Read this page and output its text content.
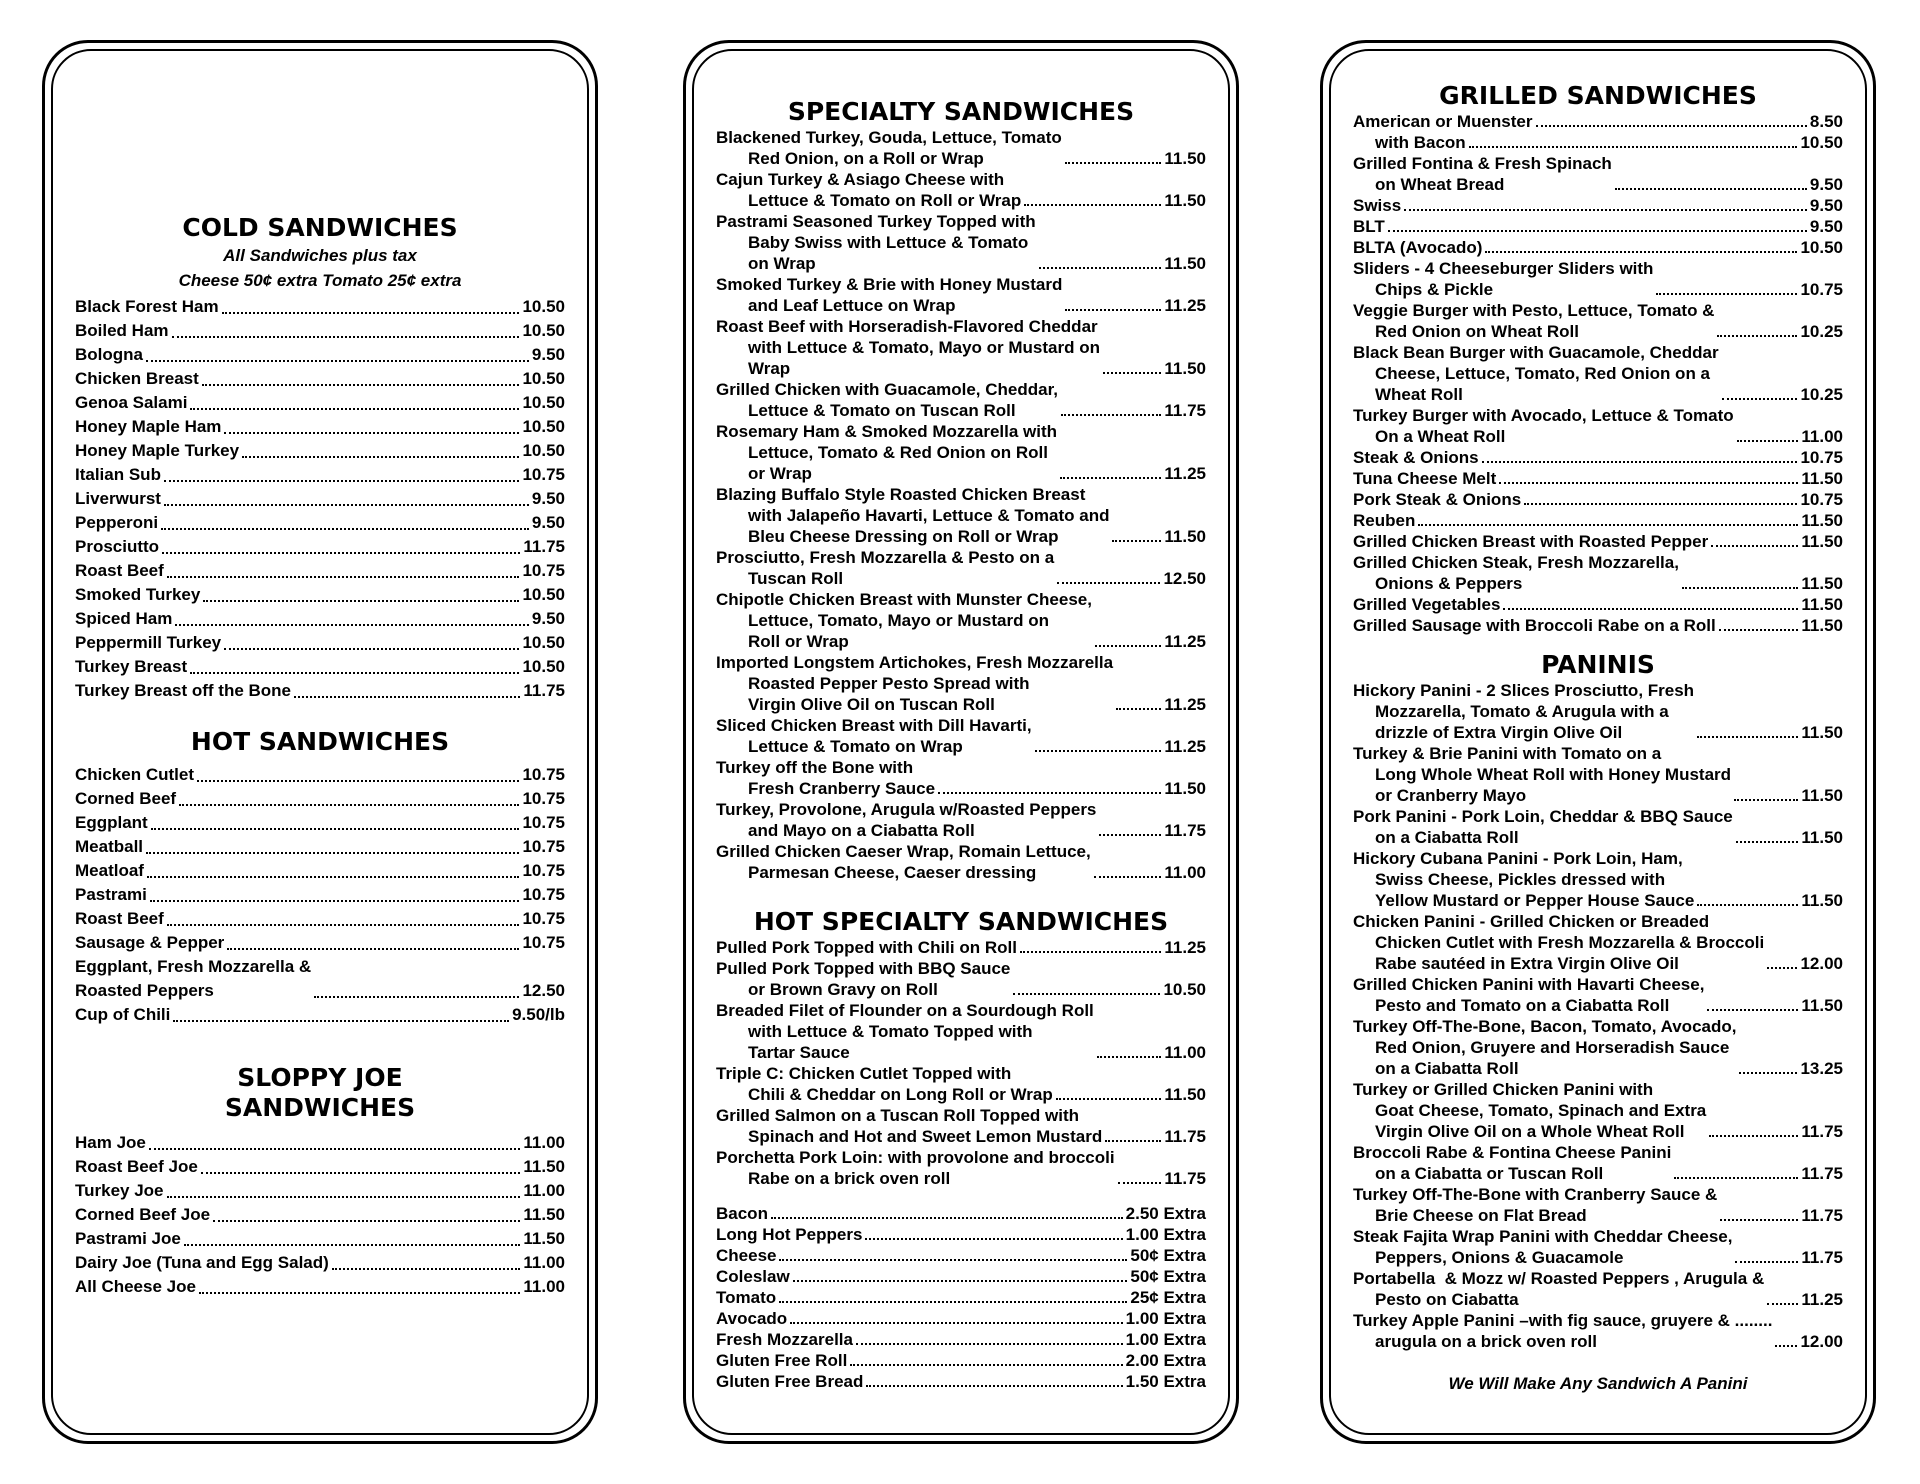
COLD SANDWICHES
All Sandwiches plus tax
Cheese 50¢ extra Tomato 25¢ extra
Black Forest Ham	10.50
Boiled Ham	10.50
Bologna	9.50
Chicken Breast	10.50
Genoa Salami	10.50
Honey Maple Ham	10.50
Honey Maple Turkey	10.50
Italian Sub	10.75
Liverwurst	9.50
Pepperoni	9.50
Prosciutto	11.75
Roast Beef	10.75
Smoked Turkey	10.50
Spiced Ham	9.50
Peppermill Turkey	10.50
Turkey Breast	10.50
Turkey Breast off the Bone	11.75
HOT SANDWICHES
Chicken Cutlet	10.75
Corned Beef	10.75
Eggplant	10.75
Meatball	10.75
Meatloaf	10.75
Pastrami	10.75
Roast Beef	10.75
Sausage & Pepper	10.75
Eggplant, Fresh Mozzarella &
Roasted Peppers	12.50
Cup of Chili	9.50/lb
SLOPPY JOE
SANDWICHES
Ham Joe	11.00
Roast Beef Joe	11.50
Turkey Joe	11.00
Corned Beef Joe	11.50
Pastrami Joe	11.50
Dairy Joe (Tuna and Egg Salad)	11.00
All Cheese Joe	11.00
SPECIALTY SANDWICHES
Blackened Turkey, Gouda, Lettuce, Tomato
Red Onion, on a Roll or Wrap	11.50
Cajun Turkey & Asiago Cheese with
Lettuce & Tomato on Roll or Wrap	11.50
Pastrami Seasoned Turkey Topped with
Baby Swiss with Lettuce & Tomato
on Wrap	11.50
Smoked Turkey & Brie with Honey Mustard
and Leaf Lettuce on Wrap	11.25
Roast Beef with Horseradish-Flavored Cheddar
with Lettuce & Tomato, Mayo or Mustard on
Wrap	11.50
Grilled Chicken with Guacamole, Cheddar,
Lettuce & Tomato on Tuscan Roll	11.75
Rosemary Ham & Smoked Mozzarella with
Lettuce, Tomato & Red Onion on Roll
or Wrap	11.25
Blazing Buffalo Style Roasted Chicken Breast
with Jalapeño Havarti, Lettuce & Tomato and
Bleu Cheese Dressing on Roll or Wrap	11.50
Prosciutto, Fresh Mozzarella & Pesto on a
Tuscan Roll	12.50
Chipotle Chicken Breast with Munster Cheese,
Lettuce, Tomato, Mayo or Mustard on
Roll or Wrap	11.25
Imported Longstem Artichokes, Fresh Mozzarella
Roasted Pepper Pesto Spread with
Virgin Olive Oil on Tuscan Roll	11.25
Sliced Chicken Breast with Dill Havarti,
Lettuce & Tomato on Wrap	11.25
Turkey off the Bone with
Fresh Cranberry Sauce	11.50
Turkey, Provolone, Arugula w/Roasted Peppers
and Mayo on a Ciabatta Roll	11.75
Grilled Chicken Caeser Wrap, Romain Lettuce,
Parmesan Cheese, Caeser dressing	11.00
HOT SPECIALTY SANDWICHES
Pulled Pork Topped with Chili on Roll	11.25
Pulled Pork Topped with BBQ Sauce
or Brown Gravy on Roll	10.50
Breaded Filet of Flounder on a Sourdough Roll
with Lettuce & Tomato Topped with
Tartar Sauce	11.00
Triple C: Chicken Cutlet Topped with
Chili & Cheddar on Long Roll or Wrap	11.50
Grilled Salmon on a Tuscan Roll Topped with
Spinach and Hot and Sweet Lemon Mustard	11.75
Porchetta Pork Loin: with provolone and broccoli
Rabe on a brick oven roll	11.75
Bacon	2.50 Extra
Long Hot Peppers	1.00 Extra
Cheese	50¢ Extra
Coleslaw	50¢ Extra
Tomato	25¢ Extra
Avocado	1.00 Extra
Fresh Mozzarella	1.00 Extra
Gluten Free Roll	2.00 Extra
Gluten Free Bread	1.50 Extra
GRILLED SANDWICHES
American or Muenster	8.50
with Bacon	10.50
Grilled Fontina & Fresh Spinach
on Wheat Bread	9.50
Swiss	9.50
BLT	9.50
BLTA (Avocado)	10.50
Sliders - 4 Cheeseburger Sliders with
Chips & Pickle	10.75
Veggie Burger with Pesto, Lettuce, Tomato &
Red Onion on Wheat Roll	10.25
Black Bean Burger with Guacamole, Cheddar
Cheese, Lettuce, Tomato, Red Onion on a
Wheat Roll	10.25
Turkey Burger with Avocado, Lettuce & Tomato
On a Wheat Roll	11.00
Steak & Onions	10.75
Tuna Cheese Melt	11.50
Pork Steak & Onions	10.75
Reuben	11.50
Grilled Chicken Breast with Roasted Pepper	11.50
Grilled Chicken Steak, Fresh Mozzarella,
Onions & Peppers	11.50
Grilled Vegetables	11.50
Grilled Sausage with Broccoli Rabe on a Roll	11.50
PANINIS
Hickory Panini - 2 Slices Prosciutto, Fresh
Mozzarella, Tomato & Arugula with a
drizzle of Extra Virgin Olive Oil	11.50
Turkey & Brie Panini with Tomato on a
Long Whole Wheat Roll with Honey Mustard
or Cranberry Mayo	11.50
Pork Panini - Pork Loin, Cheddar & BBQ Sauce
on a Ciabatta Roll	11.50
Hickory Cubana Panini - Pork Loin, Ham,
Swiss Cheese, Pickles dressed with
Yellow Mustard or Pepper House Sauce	11.50
Chicken Panini - Grilled Chicken or Breaded
Chicken Cutlet with Fresh Mozzarella & Broccoli
Rabe sautéed in Extra Virgin Olive Oil	12.00
Grilled Chicken Panini with Havarti Cheese,
Pesto and Tomato on a Ciabatta Roll	11.50
Turkey Off-The-Bone, Bacon, Tomato, Avocado,
Red Onion, Gruyere and Horseradish Sauce
on a Ciabatta Roll	13.25
Turkey or Grilled Chicken Panini with
Goat Cheese, Tomato, Spinach and Extra
Virgin Olive Oil on a Whole Wheat Roll	11.75
Broccoli Rabe & Fontina Cheese Panini
on a Ciabatta or Tuscan Roll	11.75
Turkey Off-The-Bone with Cranberry Sauce &
Brie Cheese on Flat Bread	11.75
Steak Fajita Wrap Panini with Cheddar Cheese,
Peppers, Onions & Guacamole	11.75
Portabella  & Mozz w/ Roasted Peppers , Arugula &
Pesto on Ciabatta	11.25
Turkey Apple Panini –with fig sauce, gruyere & ........
arugula on a brick oven roll	12.00
We Will Make Any Sandwich A Panini
